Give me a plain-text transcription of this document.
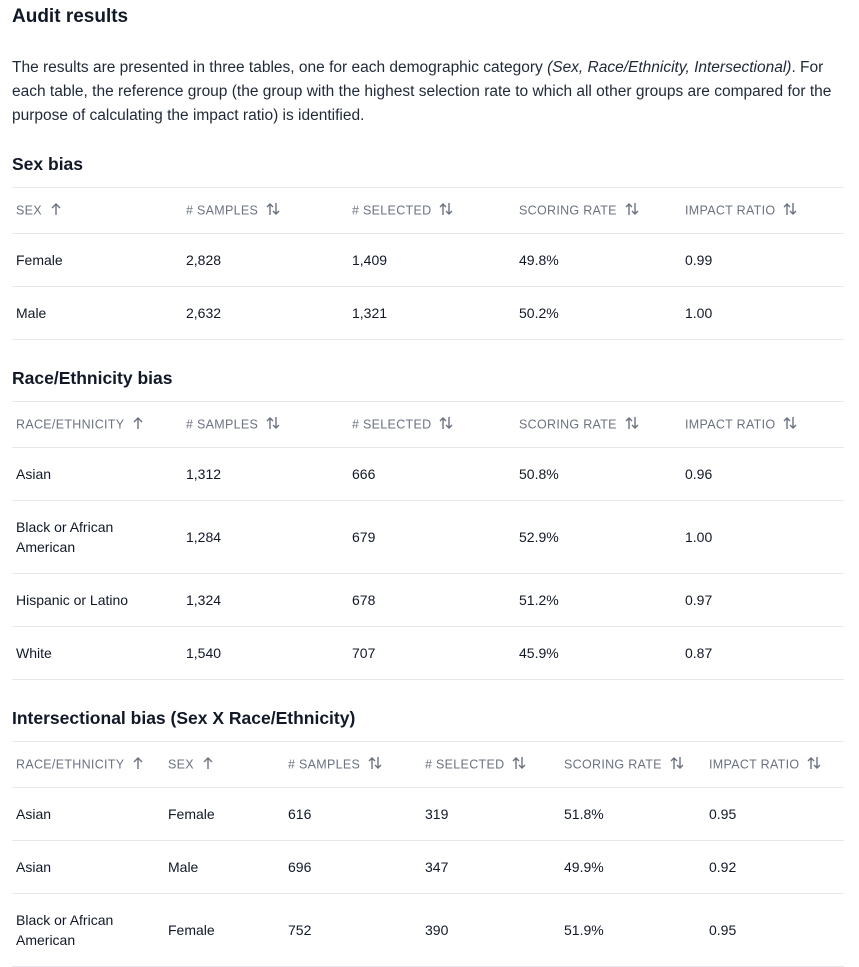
Audit results

The results are presented in three tables, one for each demographic category (Sex, Race/Ethnicity, Intersectional). For each table, the reference group (the group with the highest selection rate to which all other groups are compared for the purpose of calculating the impact ratio) is identified.

Sex bias
SEX	# SAMPLES	# SELECTED	SCORING RATE	IMPACT RATIO
Female	2,828	1,409	49.8%	0.99
Male	2,632	1,321	50.2%	1.00
Race/Ethnicity bias
RACE/ETHNICITY	# SAMPLES	# SELECTED	SCORING RATE	IMPACT RATIO
Asian	1,312	666	50.8%	0.96
Black or African American	1,284	679	52.9%	1.00
Hispanic or Latino	1,324	678	51.2%	0.97
White	1,540	707	45.9%	0.87
Intersectional bias (Sex X Race/Ethnicity)
RACE/ETHNICITY	SEX	# SAMPLES	# SELECTED	SCORING RATE	IMPACT RATIO
Asian	Female	616	319	51.8%	0.95
Asian	Male	696	347	49.9%	0.92
Black or African American	Female	752	390	51.9%	0.95
